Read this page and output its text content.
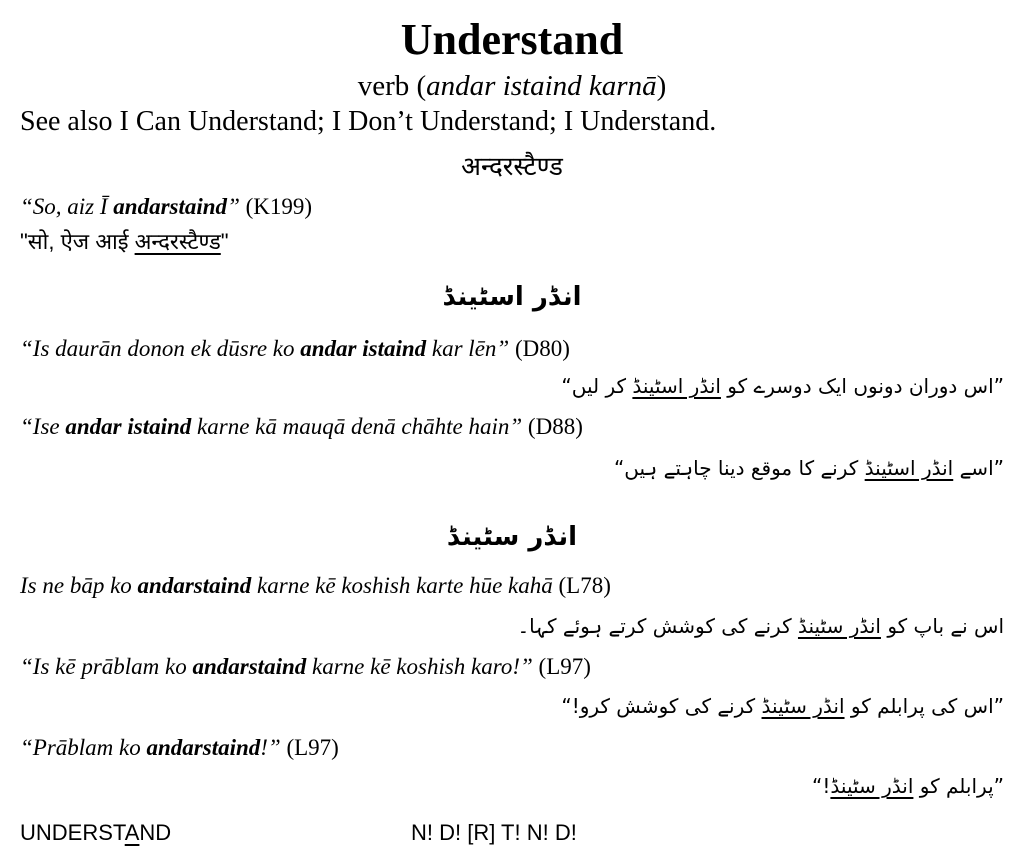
Understand
verb (andar istaind karnā)
See also I Can Understand; I Don’t Understand; I Understand.
अन्दरस्टैण्ड
“So, aiz Ī andarstaind” (K199)
"सो, ऐज आई अन्दरस्टैण्ड"
انڈر اسٹینڈ
“Is daurān donon ek dūsre ko andar istaind kar lēn” (D80)
”اس دوران دونوں ایک دوسرے کو انڈر اسٹینڈ کر لیں“
“Ise andar istaind karne kā mauqā denā chāhte hain” (D88)
”اسے انڈر اسٹینڈ کرنے کا موقع دینا چاہتے ہیں“
انڈر سٹینڈ
Is ne bāp ko andarstaind karne kē koshish karte hūe kahā (L78)
اس نے باپ کو انڈر سٹینڈ کرنے کی کوشش کرتے ہوئے کہا۔
“Is kē prāblam ko andarstaind karne kē koshish karo!” (L97)
”اس کی پرابلم کو انڈر سٹینڈ کرنے کی کوشش کرو!“
“Prāblam ko andarstaind!” (L97)
”پرابلم کو انڈر سٹینڈ!“
UNDERSTAND	N! D! [R] T! N! D!
